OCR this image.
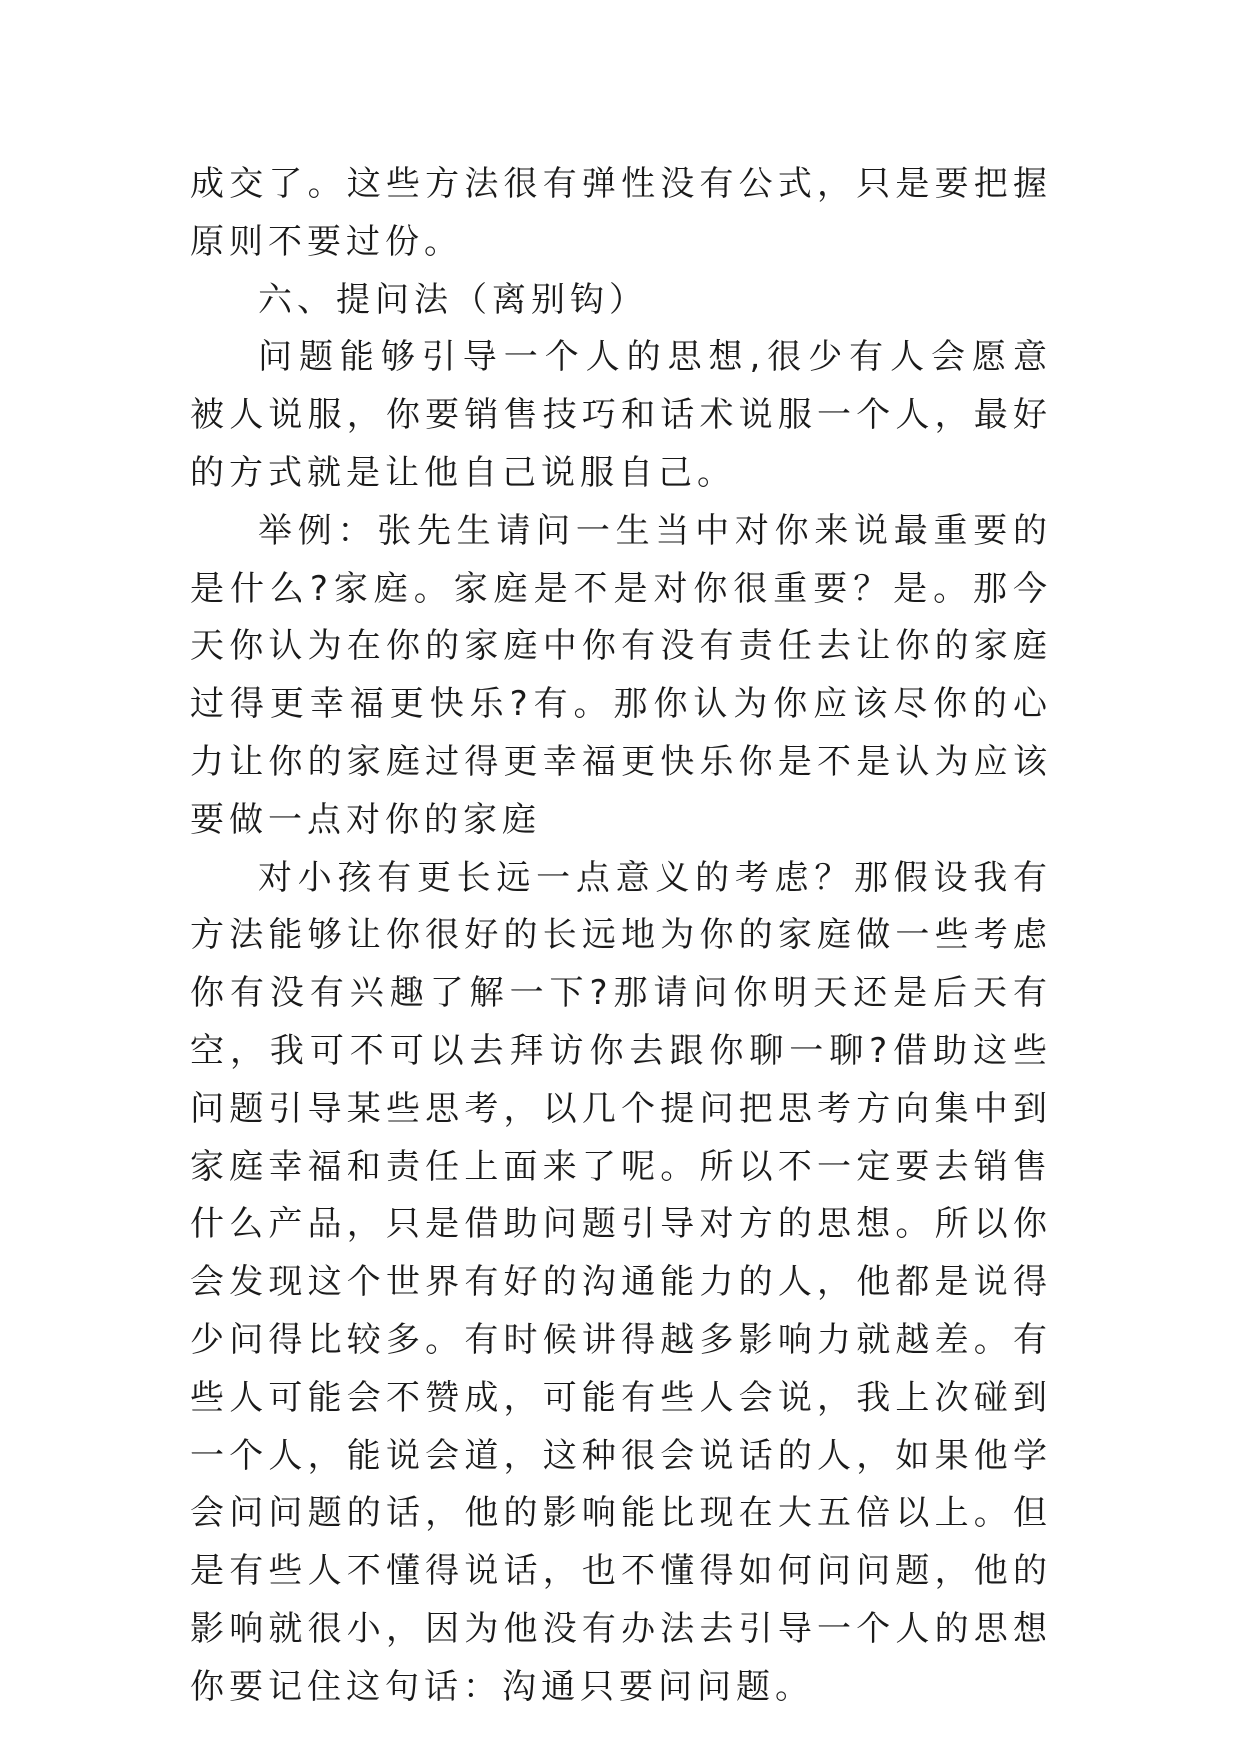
成交了。这些方法很有弹性没有公式，只是要把握原则不要过份。

六、提问法（离别钩）

问题能够引导一个人的思想,很少有人会愿意被人说服，你要销售技巧和话术说服一个人，最好的方式就是让他自己说服自己。

举例：张先生请问一生当中对你来说最重要的是什么?家庭。家庭是不是对你很重要？是。那今天你认为在你的家庭中你有没有责任去让你的家庭过得更幸福更快乐?有。那你认为你应该尽你的心力让你的家庭过得更幸福更快乐你是不是认为应该要做一点对你的家庭

对小孩有更长远一点意义的考虑？那假设我有方法能够让你很好的长远地为你的家庭做一些考虑你有没有兴趣了解一下?那请问你明天还是后天有空，我可不可以去拜访你去跟你聊一聊?借助这些问题引导某些思考，以几个提问把思考方向集中到家庭幸福和责任上面来了呢。所以不一定要去销售什么产品，只是借助问题引导对方的思想。所以你会发现这个世界有好的沟通能力的人，他都是说得少问得比较多。有时候讲得越多影响力就越差。有些人可能会不赞成，可能有些人会说，我上次碰到一个人，能说会道，这种很会说话的人，如果他学会问问题的话，他的影响能比现在大五倍以上。但是有些人不懂得说话，也不懂得如何问问题，他的影响就很小，因为他没有办法去引导一个人的思想你要记住这句话：沟通只要问问题。
